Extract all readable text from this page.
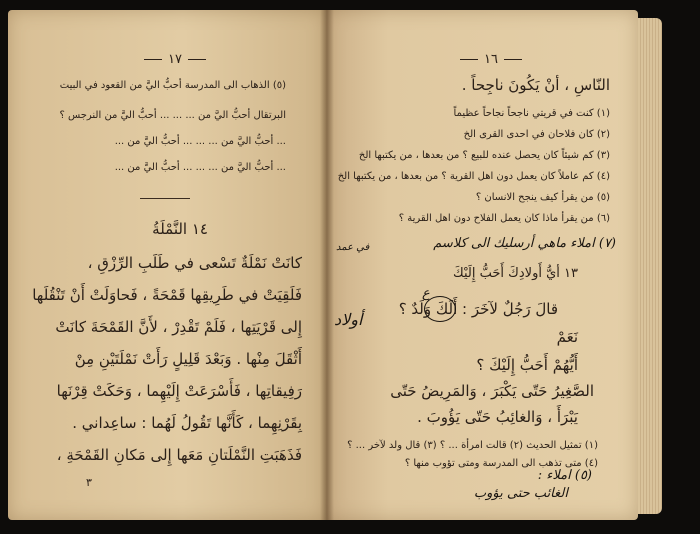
١٧
(٥) الذهاب الى المدرسة أحبُّ اليَّ من القعود في البيت
البرتقال أحبُّ اليَّ من ... ... ... أحبُّ اليَّ من النرجس ؟
... أحبُّ اليَّ من ... ... ... أحبُّ اليَّ من ...
... أحبُّ اليَّ من ... ... ... أحبُّ اليَّ من ...
١٤ النَّمْلَةُ
كانَتْ نَمْلَةٌ تَسْعى في طَلَبِ الرِّزْقِ ،
فَلَقِيَتْ في طَرِيقِها قَمْحَةً ، فَحاوَلَتْ أَنْ تَنْقُلَها
إِلى قَرْيَتِها ، فَلَمْ تَقْدِرْ ، لأَنَّ القَمْحَةَ كانَتْ
أَثْقَلَ مِنْها . وَبَعْدَ قَلِيلٍ رَأَتْ نَمْلَتَيْنِ مِنْ
رَفِيقاتِها ، فَأَسْرَعَتْ إِلَيْهِما ، وَحَكَتْ قِرْنَها
بِقَرْنِهِما ، كَأَنَّها تَقُولُ لَهُما : ساعِداني .
فَذَهَبَتِ النَّمْلَتانِ مَعَها إِلى مَكانِ القَمْحَةِ ،
٣
١٦
النّاسِ ، أنْ يَكُونَ ناجِحاً .
(١) كنت في قريتي ناجحاً نجاحاً عظيماً
(٢) كان فلاحان في احدى القرى الخ
(٣) كم شيئاً كان يحصل عنده للبيع ؟ من بعدها ، من يكتبها الخ
(٤) كم عاملاً كان يعمل دون اهل القرية ؟ من بعدها ، من يكتبها الخ
(٥) من يقرأ كيف ينجح الانسان ؟
(٦) من يقرأ ماذا كان يعمل الفلاح دون اهل القرية ؟
(٧) املاء ماهي أرسليك الى كلاسم
في عمد
١٣ أيُّ أَولادِكَ أَحَبُّ إِلَيْكَ
قالَ رَجُلٌ لآخَرَ : أَلَكَ وَلَدٌ ؟
أولاد
ع
نَعَمْ
أَيُّهُمْ أَحَبُّ إِلَيْكَ ؟
الصَّغِيرُ حَتّى يَكْبَرَ ، وَالمَرِيضُ حَتّى
يَبْرَأَ ، وَالغائِبُ حَتّى يَؤُوبَ .
(١) تمثيل الحديث (٢) قالت امرأة ... ؟ (٣) قال ولد لآخر ... ؟
(٤) متى تذهب الى المدرسة ومتى تؤوب منها ؟
(٥) املاء :
الغائب حتى يؤوب
